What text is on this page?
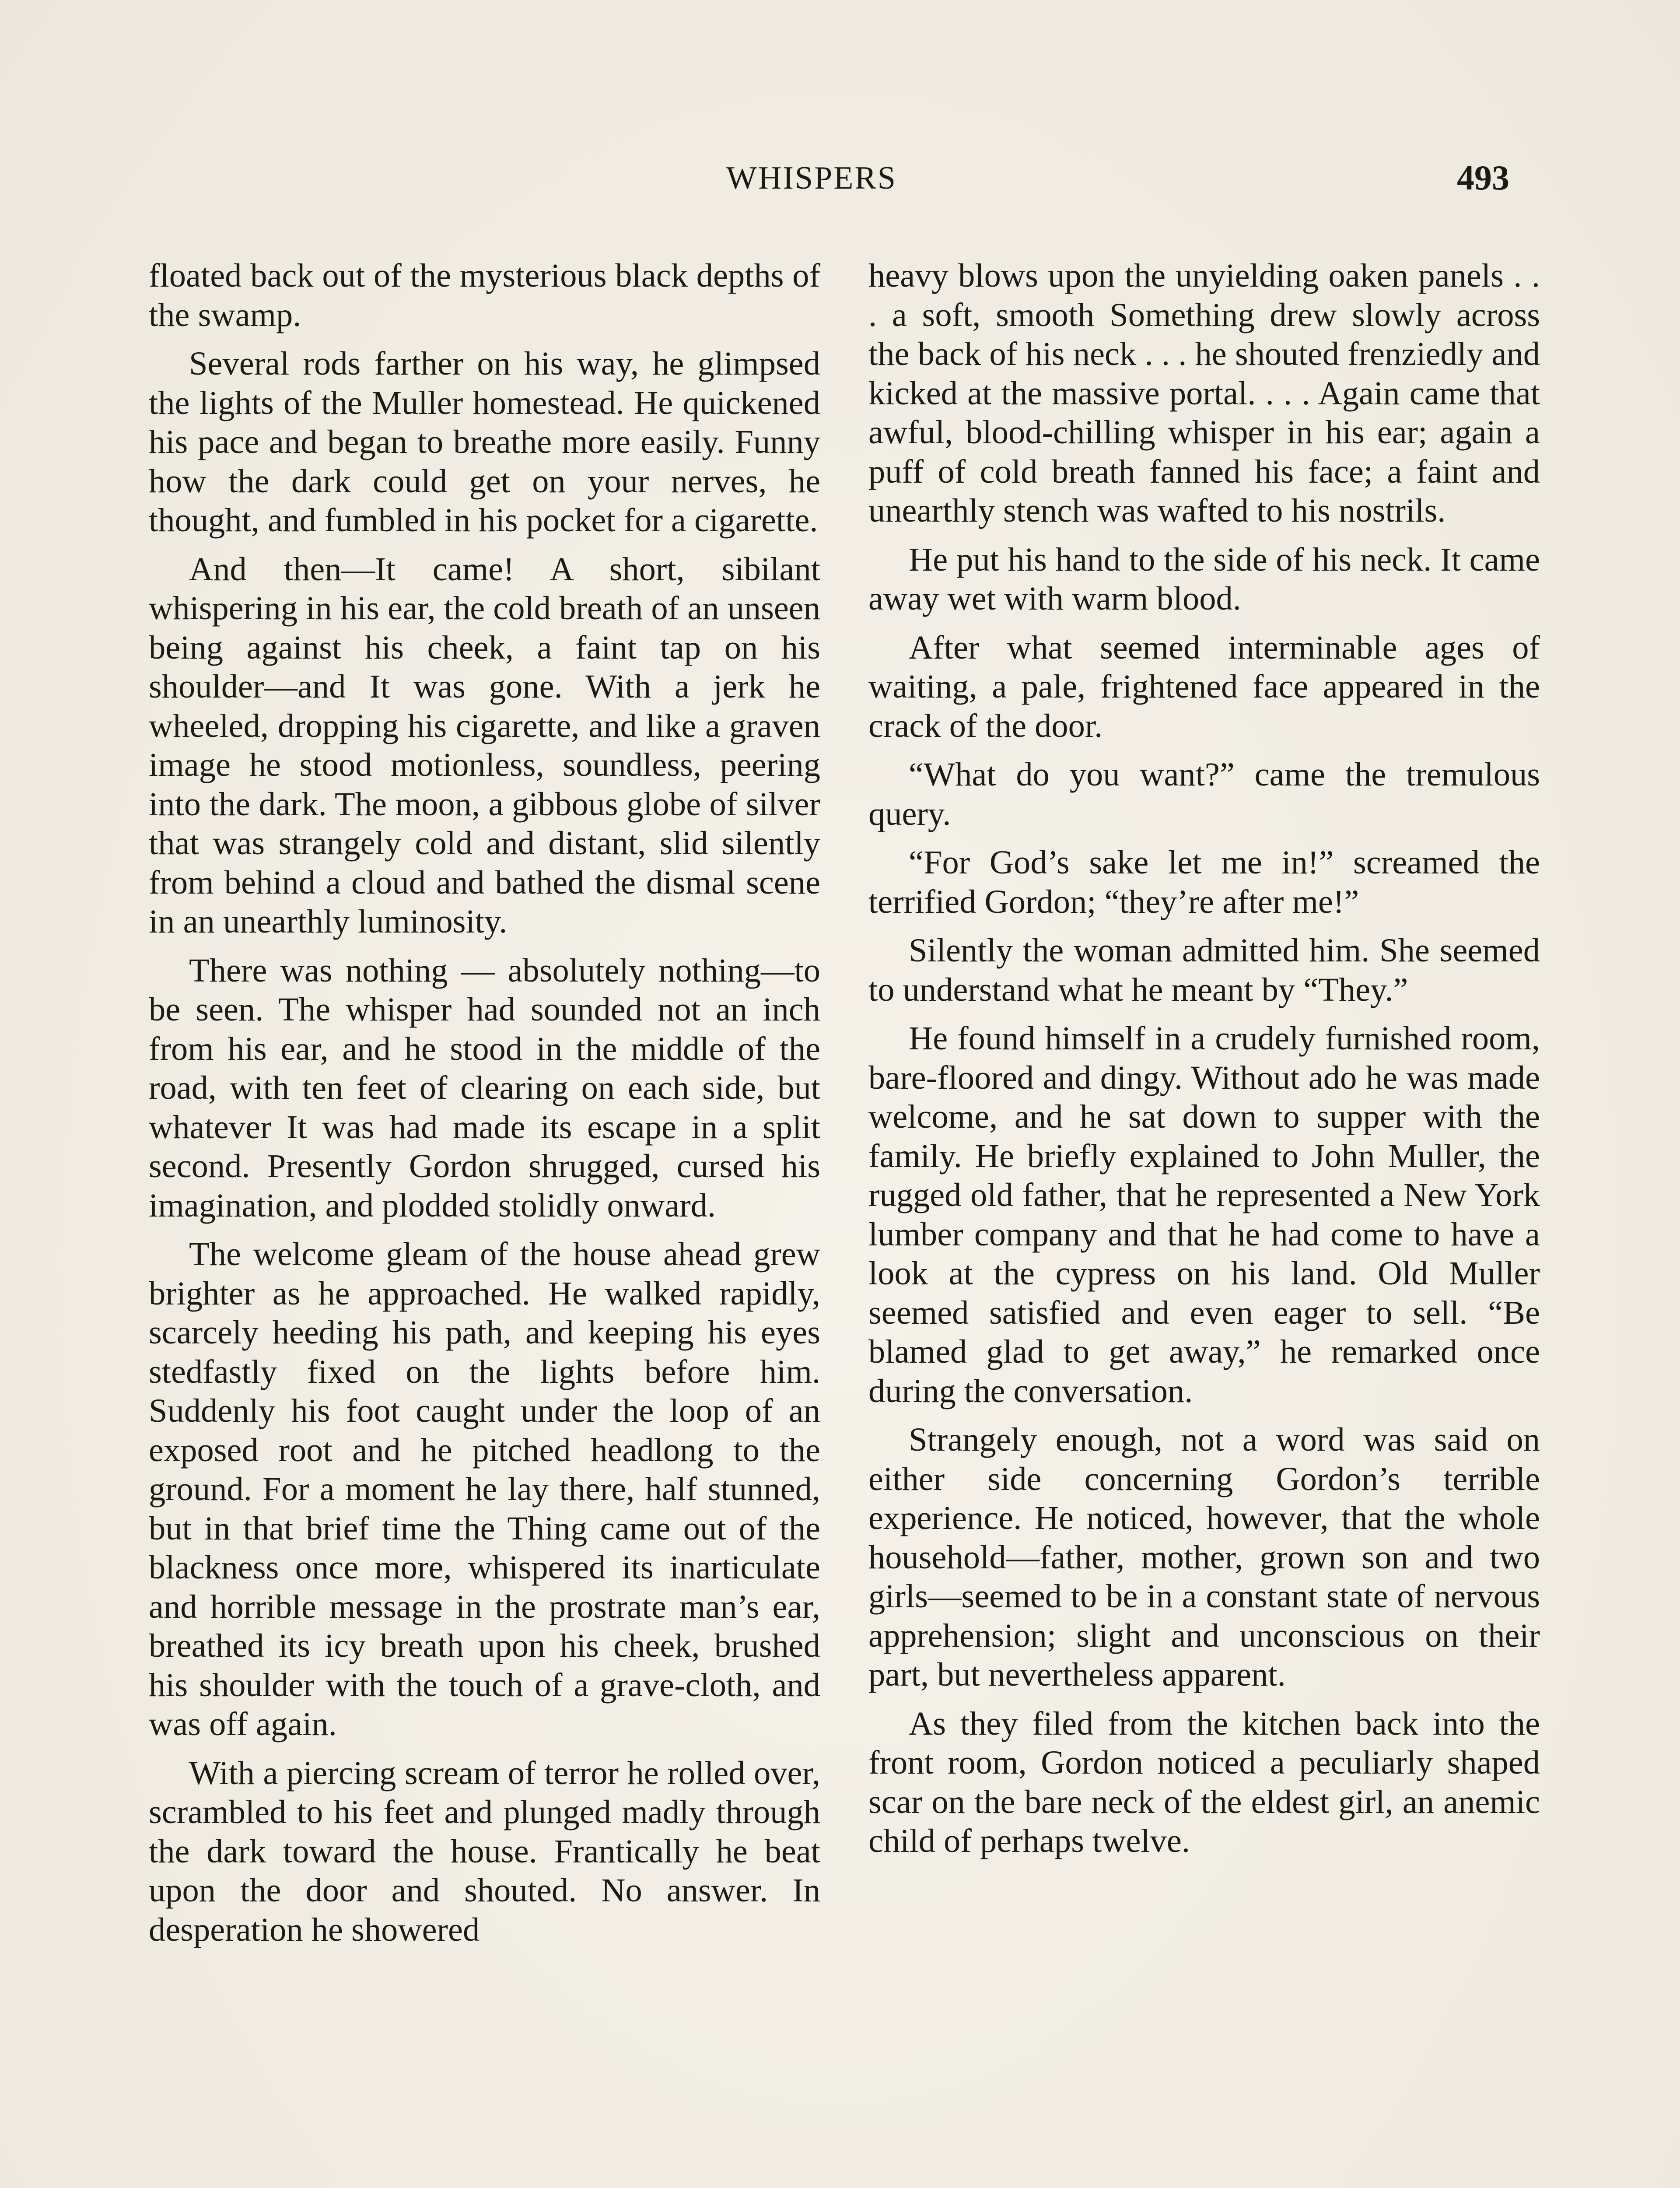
WHISPERS	493

floated back out of the mysterious black depths of the swamp.

Several rods farther on his way, he glimpsed the lights of the Muller homestead. He quickened his pace and began to breathe more easily. Funny how the dark could get on your nerves, he thought, and fumbled in his pocket for a cigarette.

And then—It came! A short, sibilant whispering in his ear, the cold breath of an unseen being against his cheek, a faint tap on his shoulder—and It was gone. With a jerk he wheeled, dropping his cigarette, and like a graven image he stood motionless, soundless, peering into the dark. The moon, a gibbous globe of silver that was strangely cold and distant, slid silently from behind a cloud and bathed the dismal scene in an unearthly luminosity.

There was nothing — absolutely nothing—to be seen. The whisper had sounded not an inch from his ear, and he stood in the middle of the road, with ten feet of clearing on each side, but whatever It was had made its escape in a split second. Presently Gordon shrugged, cursed his imagination, and plodded stolidly onward.

The welcome gleam of the house ahead grew brighter as he approached. He walked rapidly, scarcely heeding his path, and keeping his eyes stedfastly fixed on the lights before him. Suddenly his foot caught under the loop of an exposed root and he pitched headlong to the ground. For a moment he lay there, half stunned, but in that brief time the Thing came out of the blackness once more, whispered its inarticulate and horrible message in the prostrate man’s ear, breathed its icy breath upon his cheek, brushed his shoulder with the touch of a grave-cloth, and was off again.

With a piercing scream of terror he rolled over, scrambled to his feet and plunged madly through the dark toward the house. Frantically he beat upon the door and shouted. No answer. In desperation he showered

heavy blows upon the unyielding oaken panels . . . a soft, smooth Something drew slowly across the back of his neck . . . he shouted frenziedly and kicked at the massive portal. . . . Again came that awful, blood-chilling whisper in his ear; again a puff of cold breath fanned his face; a faint and unearthly stench was wafted to his nostrils.

He put his hand to the side of his neck. It came away wet with warm blood.

After what seemed interminable ages of waiting, a pale, frightened face appeared in the crack of the door.

“What do you want?” came the tremulous query.

“For God’s sake let me in!” screamed the terrified Gordon; “they’re after me!”

Silently the woman admitted him. She seemed to understand what he meant by “They.”

He found himself in a crudely furnished room, bare-floored and dingy. Without ado he was made welcome, and he sat down to supper with the family. He briefly explained to John Muller, the rugged old father, that he represented a New York lumber company and that he had come to have a look at the cypress on his land. Old Muller seemed satisfied and even eager to sell. “Be blamed glad to get away,” he remarked once during the conversation.

Strangely enough, not a word was said on either side concerning Gordon’s terrible experience. He noticed, however, that the whole household—father, mother, grown son and two girls—seemed to be in a constant state of nervous apprehension; slight and unconscious on their part, but nevertheless apparent.

As they filed from the kitchen back into the front room, Gordon noticed a peculiarly shaped scar on the bare neck of the eldest girl, an anemic child of perhaps twelve.
